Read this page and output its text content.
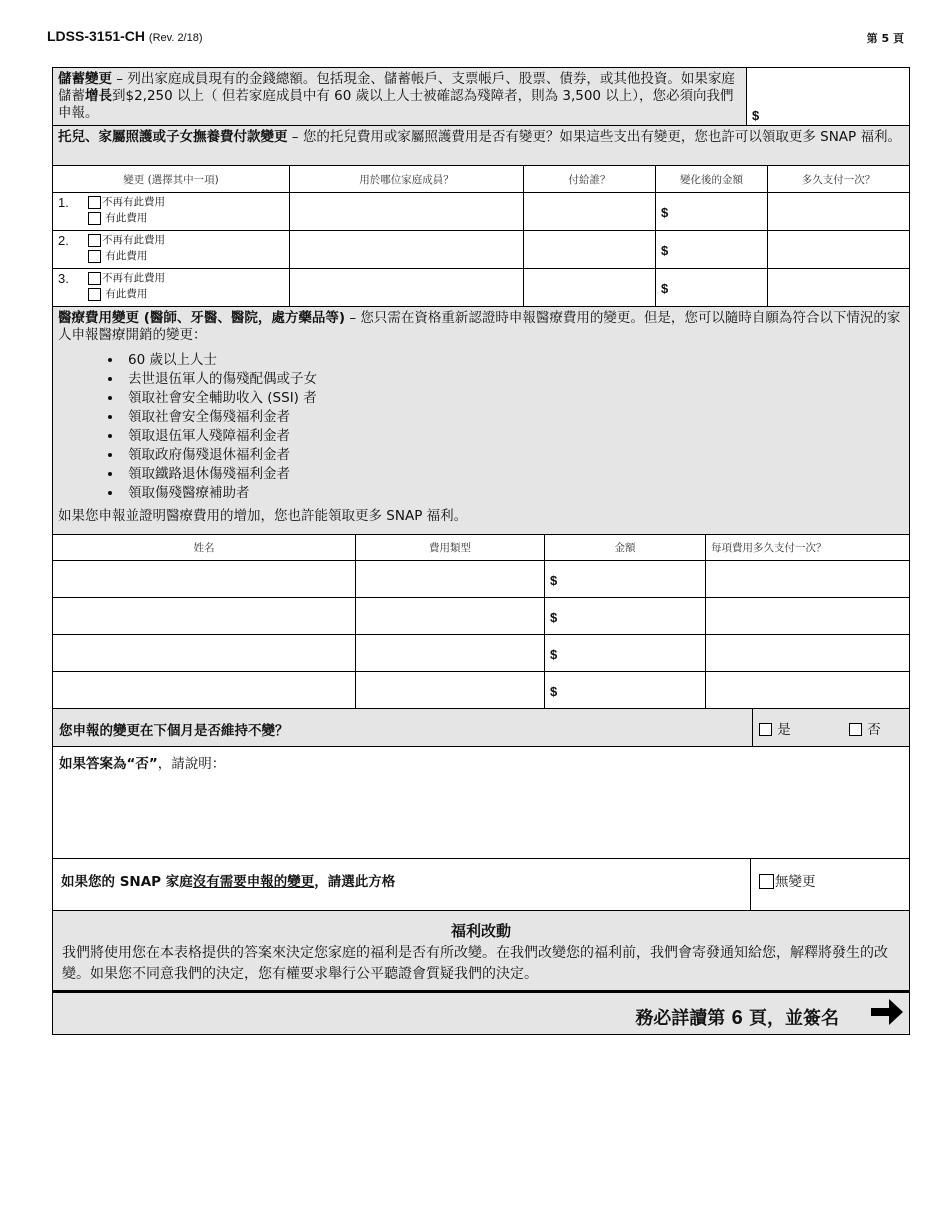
LDSS-3151-CH (Rev. 2/18)	第 5 頁
儲蓄變更 – 列出家庭成員現有的金錢總額。包括現金、儲蓄帳戶、支票帳戶、股票、債券，或其他投資。如果家庭儲蓄增長到$2,250 以上（ 但若家庭成員中有 60 歲以上人士被確認為殘障者，則為 3,500 以上），您必須向我們申報。	$
托兒、家屬照護或子女撫養費付款變更 – 您的托兒費用或家屬照護費用是否有變更？如果這些支出有變更，您也許可以領取更多 SNAP 福利。
變更 (選擇其中一項)	用於哪位家庭成員？	付給誰？	變化後的金額	多久支付一次？
1. 不再有此費用
有此費用			$	

2. 不再有此費用
有此費用			$	

3. 不再有此費用
有此費用			$	

醫療費用變更 (醫師、牙醫、醫院，處方藥品等) – 您只需在資格重新認證時申報醫療費用的變更。但是，您可以隨時自願為符合以下情況的家人申報醫療開銷的變更：
• 60 歲以上人士
• 去世退伍軍人的傷殘配偶或子女
• 領取社會安全輔助收入 (SSI) 者
• 領取社會安全傷殘福利金者
• 領取退伍軍人殘障福利金者
• 領取政府傷殘退休福利金者
• 領取鐵路退休傷殘福利金者
• 領取傷殘醫療補助者
如果您申報並證明醫療費用的增加，您也許能領取更多 SNAP 福利。
姓名	費用類型	金額	每項費用多久支付一次？

		$	

		$	

		$	

		$	

您申報的變更在下個月是否維持不變？	是	否
如果答案為“否”，請說明：
如果您的 SNAP 家庭沒有需要申報的變更，請選此方格	無變更
福利改動
我們將使用您在本表格提供的答案來決定您家庭的福利是否有所改變。在我們改變您的福利前，我們會寄發通知給您，解釋將發生的改變。如果您不同意我們的決定，您有權要求舉行公平聽證會質疑我們的決定。
務必詳讀第 6 頁，並簽名
